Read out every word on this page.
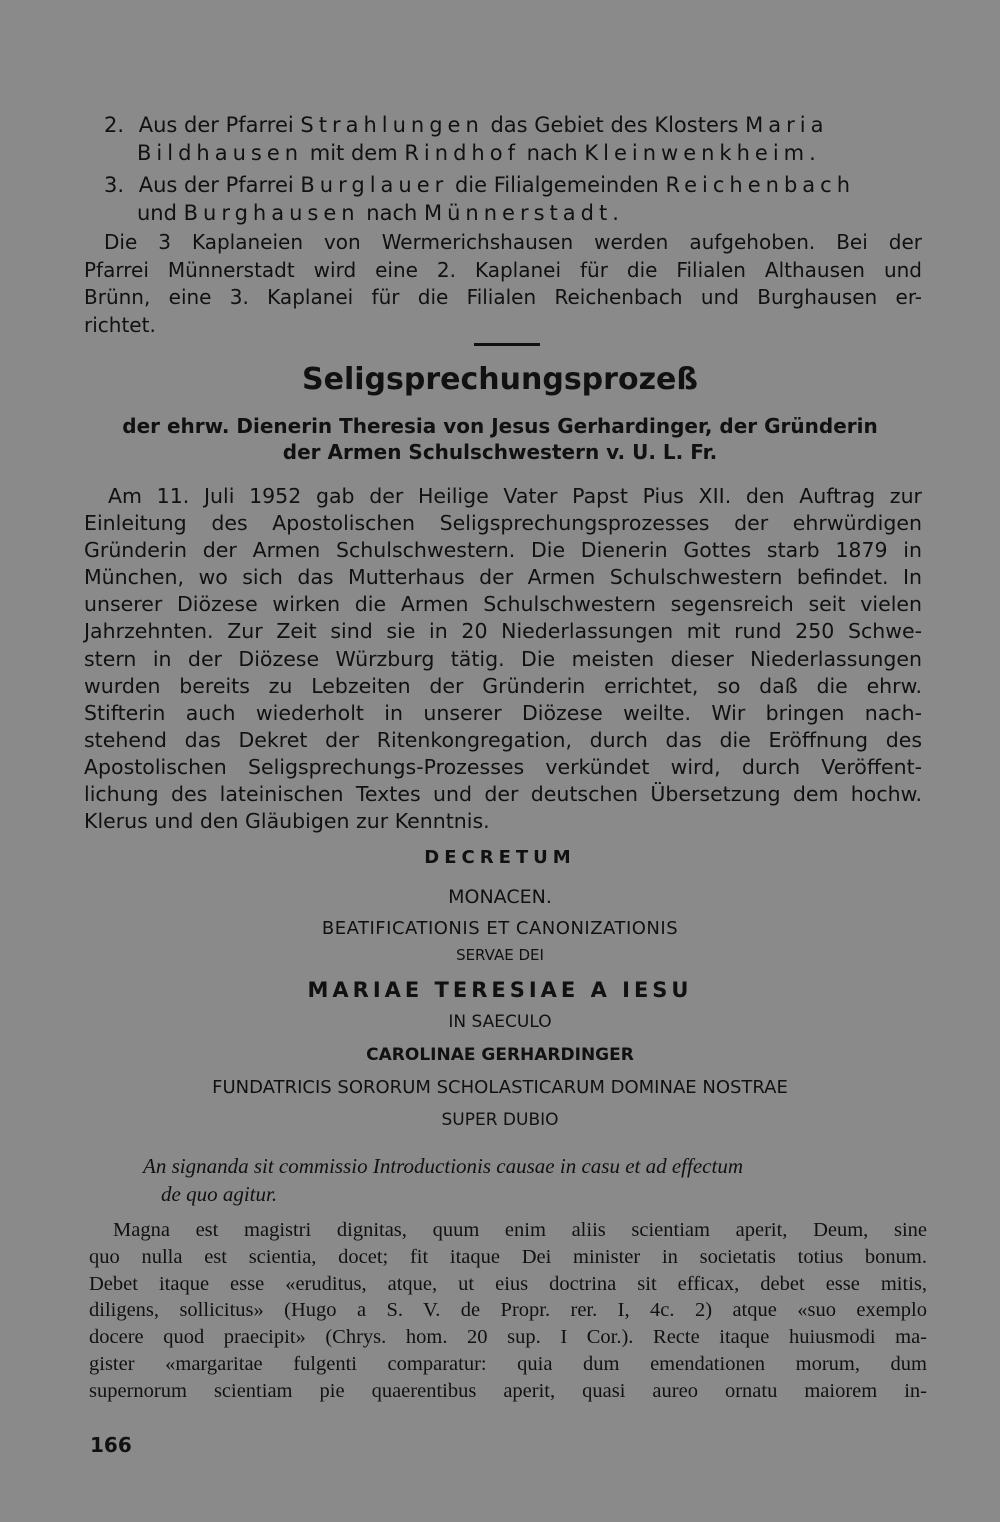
2. Aus der Pfarrei Strahlungen das Gebiet des Klosters Maria
Bildhausen mit dem Rindhof nach Kleinwenkheim.
3. Aus der Pfarrei Burglauer die Filialgemeinden Reichenbach
und Burghausen nach Münnerstadt.
Die 3 Kaplaneien von Wermerichshausen werden aufgehoben. Bei der
Pfarrei Münnerstadt wird eine 2. Kaplanei für die Filialen Althausen und
Brünn, eine 3. Kaplanei für die Filialen Reichenbach und Burghausen er-
richtet.
Seligsprechungsprozeß
der ehrw. Dienerin Theresia von Jesus Gerhardinger, der Gründerin
der Armen Schulschwestern v. U. L. Fr.
Am 11. Juli 1952 gab der Heilige Vater Papst Pius XII. den Auftrag zur
Einleitung des Apostolischen Seligsprechungsprozesses der ehrwürdigen
Gründerin der Armen Schulschwestern. Die Dienerin Gottes starb 1879 in
München, wo sich das Mutterhaus der Armen Schulschwestern befindet. In
unserer Diözese wirken die Armen Schulschwestern segensreich seit vielen
Jahrzehnten. Zur Zeit sind sie in 20 Niederlassungen mit rund 250 Schwe-
stern in der Diözese Würzburg tätig. Die meisten dieser Niederlassungen
wurden bereits zu Lebzeiten der Gründerin errichtet, so daß die ehrw.
Stifterin auch wiederholt in unserer Diözese weilte. Wir bringen nach-
stehend das Dekret der Ritenkongregation, durch das die Eröffnung des
Apostolischen Seligsprechungs-Prozesses verkündet wird, durch Veröffent-
lichung des lateinischen Textes und der deutschen Übersetzung dem hochw.
Klerus und den Gläubigen zur Kenntnis.
DECRETUM
MONACEN.
BEATIFICATIONIS ET CANONIZATIONIS
SERVAE DEI
MARIAE TERESIAE A IESU
IN SAECULO
CAROLINAE GERHARDINGER
FUNDATRICIS SORORUM SCHOLASTICARUM DOMINAE NOSTRAE
SUPER DUBIO
An signanda sit commissio Introductionis causae in casu et ad effectum
de quo agitur.
Magna est magistri dignitas, quum enim aliis scientiam aperit, Deum, sine
quo nulla est scientia, docet; fit itaque Dei minister in societatis totius bonum.
Debet itaque esse «eruditus, atque, ut eius doctrina sit efficax, debet esse mitis,
diligens, sollicitus» (Hugo a S. V. de Propr. rer. I, 4c. 2) atque «suo exemplo
docere quod praecipit» (Chrys. hom. 20 sup. I Cor.). Recte itaque huiusmodi ma-
gister «margaritae fulgenti comparatur: quia dum emendationen morum, dum
supernorum scientiam pie quaerentibus aperit, quasi aureo ornatu maiorem in-
166
